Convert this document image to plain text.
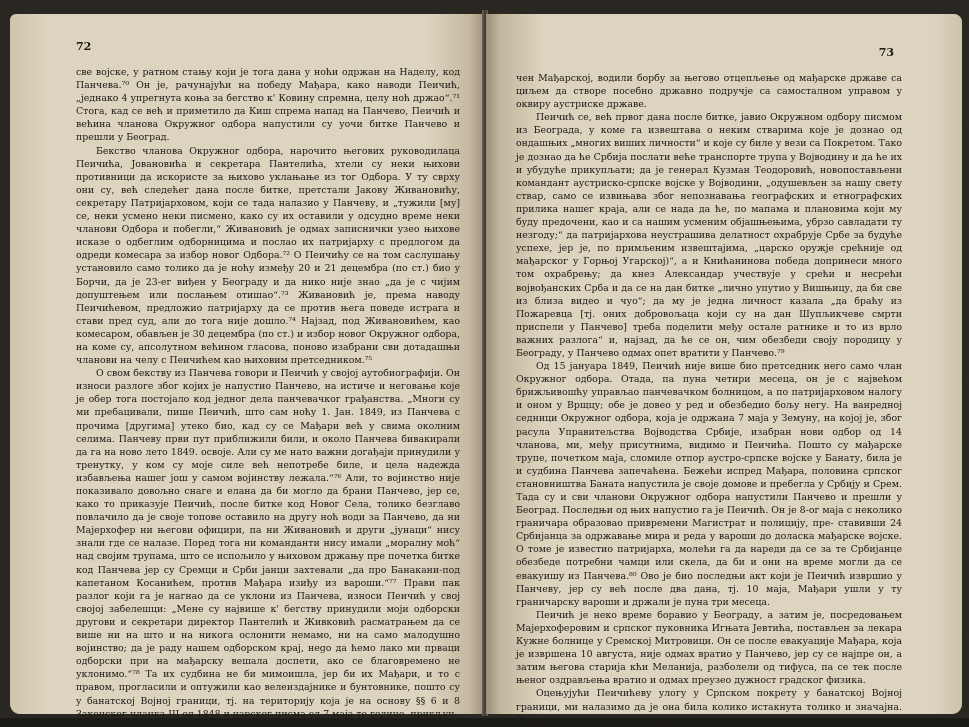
72

све војске, у ратном стању који је тога дана у ноћи одржан на Наделу, код Панчева.⁷⁰ Он је, рачунајући на победу Мађара, како наводи Пеичић, „једнако 4 упрегнута коња за бегство к' Ковину спремна, целу ноћ држао“.⁷¹ Стога, кад се већ и приметило да Киш спрема напад на Панчево, Пеичић и већина чланова Окружног одбора напустили су уочи битке Панчево и прешли у Београд.

Бекство чланова Окружног одбора, нарочито његових руководилаца Пеичића, Јовановића и секретара Пантелића, хтели су неки њихови противници да искористе за њихово уклањање из тог Одбора. У ту сврху они су, већ следећег дана после битке, претстали Јакову Живановићу, секретару Патријарховом, који се тада налазио у Панчеву, и „тужили [му] се, неки усмено неки писмено, како су их оставили у одсудно време неки чланови Одбора и побегли,“ Живановић је одмах записнички узео њихове исказе о одбеглим одборницима и послао их патријарху с предлогом да одреди комесара за избор новог Одбора.⁷² О Пеичићу се на том саслушању установило само толико да је ноћу између 20 и 21 децембра (по ст.) био у Борчи, да је 23-ег виђен у Београду и да нико није знао „да је с чијим допуштењем или послањем отишао“.⁷³ Живановић је, према наводу Пеичићевом, предложио патријарху да се против њега поведе истрага и стави пред суд, али до тога није дошло.⁷⁴ Најзад, под Живановићем, као комесаром, обављен је 30 децембра (по ст.) и избор новог Окружног одбора, на коме су, апсолутном већином гласова, поново изабрани сви дотадашњи чланови на челу с Пеичићем као њиховим претседником.⁷⁵

О свом бекству из Панчева говори и Пеичић у својој аутобиографији. Он износи разлоге због којих је напустио Панчево, на истиче и неговање које је обер тога постојало код једног дела панчевачког грађанства. „Многи су ми пребацивали, пише Пеичић, што сам ноћу 1. Јан. 1849, из Панчева с прочима [другима] утеко био, кад су се Мађари већ у свима околним селима. Панчеву први пут приближили били, и около Панчева бивакирали да га на ново лето 1849. освоје. Али су ме нато важни догађаји принудили у тренутку, у ком су моје силе већ непотребе биле, и цела надежда избављења нашег још у самом војинству лежала.“⁷⁶ Али, то војинство није показивало довољно снаге и елана да би могло да брани Панчево, јер се, како то приказује Пеичић, после битке код Новог Села, толико безглаво повлачило да је своје топове оставило на другу ноћ води за Панчево, да ни Мајерхофер ни његови официри, па ни Живановић и други „јунаци“ нису знали где се налазе. Поред тога ни команданти нису имали „моралну моћ“ над својим трупама, што се испољило у њиховом држању пре почетка битке код Панчева јер су Сремци и Срби јанци захтевали „да про Банакани-под капетаном Косанићем, против Мађара изиђу из вароши.“⁷⁷ Прави пак разлог који га је нагнао да се уклони из Панчева, износи Пеичић у свој својој забелешци: „Мене су највише к' бегству принудили моји одборски другови и секретари директор Пантелић и Живковић расматрањем да се више ни на што и на никога ослонити немамо, ни на само малодушно војинство; да је раду нашем одборском крај, нego да ћемо лако ми прваци одборски при на мађарску вешала доспети, ако се благовремено не уклонимо.“⁷⁸ Та их судбина не би мимоишла, јер би их Мађари, и то с правом, прогласили и оптужили као велеиздајнике и бунтовнике, пошто су у банатској Војној граници, тј. на територију која је на основу §§ 6 и 8 Законског чланка III од 1848 и царског писма од 7 маја те године, прикључ-

73

чен Мађарској, водили борбу за његово отцепљење од мађарске државе са циљем да створе посебно државно подручје са самосталном управом у оквиру аустриске државе.

Пеичић се, већ првог дана после битке, јавио Окружном одбору писмом из Београда, у коме га извештава о неким стварима које је дознао од ондашњих „многих виших личности“ и које су биле у вези са Покретом. Тако је дознао да ће Србија послати веће транспорте трупа у Војводину и да ће их и убудуће прикупљати; да је генерал Кузман Теодоровић, новопостављени командант аустриско-српске војске у Војводини, „одушевљен за нашу свету ствар, само се извињава због непознавања географских и етнографских прилика нашег краја, али се нада да ће, по мапама и плановима који му буду предочени, као и са нашим усменим објашњењима, убрзо савладати ту незгоду;“ да патријархова неустрашива делатност охрабрује Србе за будуће успехе, јер је, по примљеним извештајима, „царско оружје срећније од мађарског у Горњој Угарској)“, а и Книћанинова победа допринеси много том охрабрењу; да кнез Александар учествује у срећи и несрећи војвођанских Срба и да се на дан битке „лично упутио у Вишњицу, да би све из близа видео и чуо“; да му је једна личност казала „да браћу из Пожаревца [тј. оних добровољаца који су на дан Шупљикчеве смрти приспели у Панчево] треба поделити међу остале ратнике и то из врло важних разлога“ и, најзад, да ће се он, чим обезбеди своју породицу у Београду, у Панчево одмах опет вратити у Панчево.⁷⁹

Од 15 јануара 1849, Пеичић није више био претседник него само члан Окружног одбора. Отада, па пуна четири месеца, он је с највећом брижљивошћу управљао панчевачком болницом, а по патријарховом налогу и оном у Врщцу; обе је довео у ред и обезбедио бољу негу. На ванредној седници Окружног одбора, која је одржана 7 маја у Земуну, на којој је, због расула Управитељства Војводства Србије, изабран нови одбор од 14 чланова, ми, међу присутнима, видимо и Пеичића. Пошто су мађарске трупе, почетком маја, сломиле отпор аустро-српске војске у Банату, била је и судбина Панчева запечаћена. Бежећи испред Мађара, половина српског становништва Баната напустила је своје домове и пребегла у Србију и Срем. Тада су и сви чланови Окружног одбора напустили Панчево и прешли у Београд. Последњи од њих напустио га је Пеичић. Он је 8-ог маја с неколико граничара образовао привремени Магистрат и полицију, пре- ставивши 24 Србијанца за одржавање мира и реда у вароши до доласка мађарске војске. О томе је известио патријарха, молећи га да нареди да се за те Србијанце обезбеде потребни чамци или скела, да би и они на време могли да се евакуишу из Панчева.⁸⁰ Ово је био последњи акт који је Пеичић извршио у Панчеву, јер су већ после два дана, тј. 10 маја, Мађари ушли у ту граничарску вароши и држали је пуна три месеца.

Пеичић је неко време боравио у Београду, а затим је, посредовањем Мајерхоферовим и српског пуковника Игњата Јевтића, постављен за лекара Кужне болнице у Сремској Митровици. Он се после евакуације Мађара, која је извршена 10 августа, није одмах вратио у Панчево, јер су се најпре он, а затим његова старија кћи Меланија, разболели од тифуса, па се тек после њеног оздрављења вратио и одмах преузео дужност градског физика.

Оцењујући Пеичићеву улогу у Српском покрету у банатској Војној граници, ми налазимо да је она била колико истакнута толико и значајна. Он је био „матица“ српске народне депутације, писао је прокламације, во-
